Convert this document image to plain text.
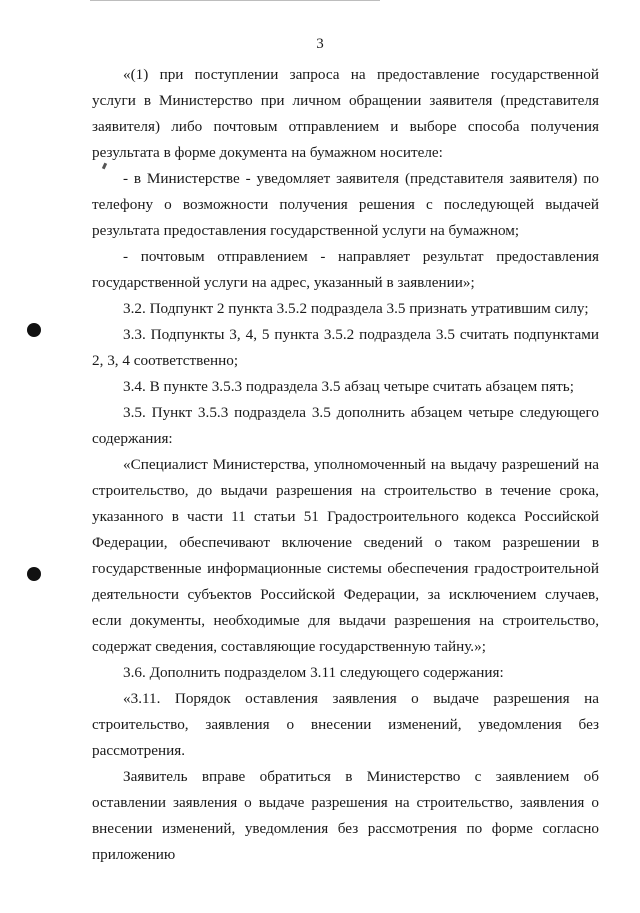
3

«(1) при поступлении запроса на предоставление государственной услуги в Министерство при личном обращении заявителя (представителя заявителя) либо почтовым отправлением и выборе способа получения результата в форме документа на бумажном носителе:

- в Министерстве - уведомляет заявителя (представителя заявителя) по телефону о возможности получения решения с последующей выдачей результата предоставления государственной услуги на бумажном;

- почтовым отправлением - направляет результат предоставления государственной услуги на адрес, указанный в заявлении»;

3.2. Подпункт 2 пункта 3.5.2 подраздела 3.5 признать утратившим силу;

3.3. Подпункты 3, 4, 5 пункта 3.5.2 подраздела 3.5 считать подпунктами 2, 3, 4 соответственно;

3.4. В пункте 3.5.3 подраздела 3.5 абзац четыре считать абзацем пять;

3.5. Пункт 3.5.3 подраздела 3.5 дополнить абзацем четыре следующего содержания:

«Специалист Министерства, уполномоченный на выдачу разрешений на строительство, до выдачи разрешения на строительство в течение срока, указанного в части 11 статьи 51 Градостроительного кодекса Российской Федерации, обеспечивают включение сведений о таком разрешении в государственные информационные системы обеспечения градостроительной деятельности субъектов Российской Федерации, за исключением случаев, если документы, необходимые для выдачи разрешения на строительство, содержат сведения, составляющие государственную тайну.»;

3.6. Дополнить подразделом 3.11 следующего содержания:

«3.11. Порядок оставления заявления о выдаче разрешения на строительство, заявления о внесении изменений, уведомления без рассмотрения.

Заявитель вправе обратиться в Министерство с заявлением об оставлении заявления о выдаче разрешения на строительство, заявления о внесении изменений, уведомления без рассмотрения по форме согласно приложению
